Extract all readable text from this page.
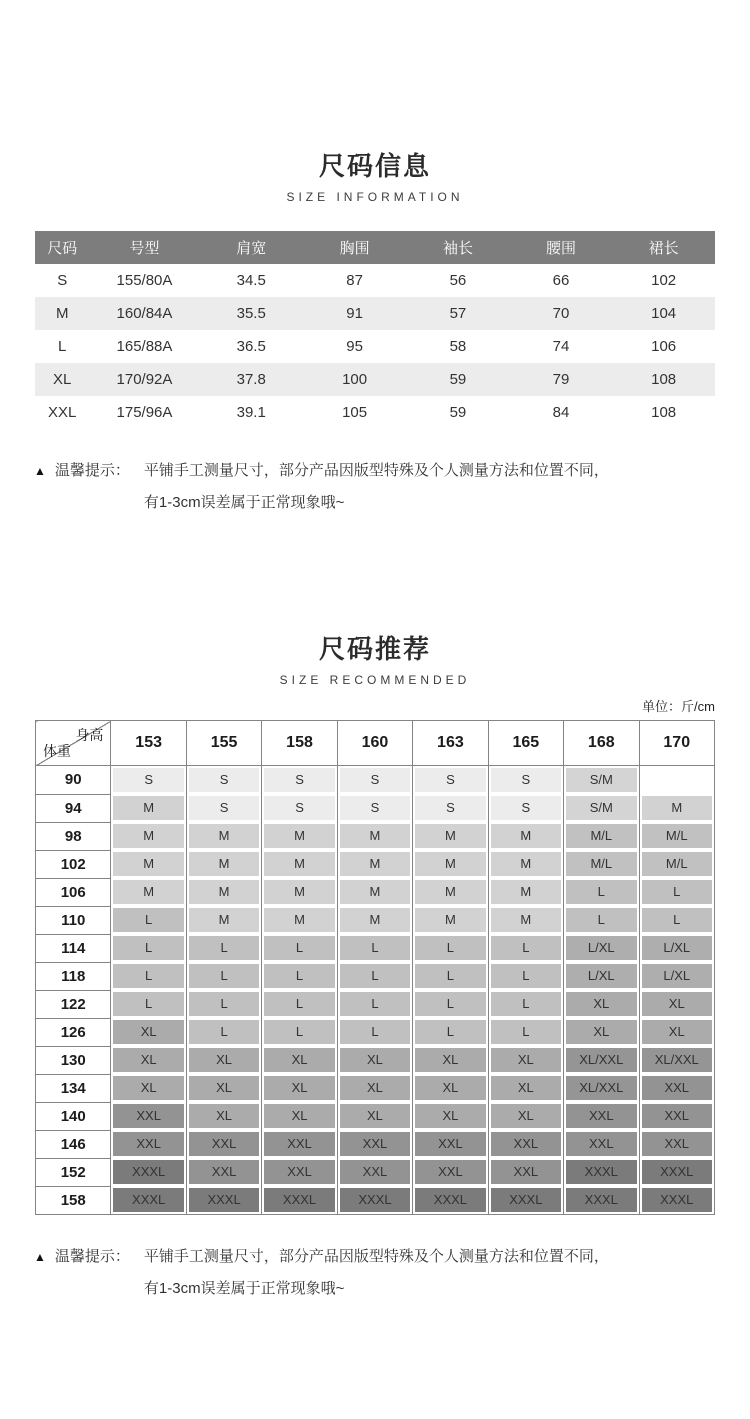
尺码信息
SIZE INFORMATION
尺码	号型	肩宽	胸围	袖长	腰围	裙长
S	155/80A	34.5	87	56	66	102
M	160/84A	35.5	91	57	70	104
L	165/88A	36.5	95	58	74	106
XL	170/92A	37.8	100	59	79	108
XXL	175/96A	39.1	105	59	84	108
▲ 温馨提示： 平铺手工测量尺寸，部分产品因版型特殊及个人测量方法和位置不同，
有1-3cm误差属于正常现象哦~
尺码推荐
SIZE RECOMMENDED
单位：斤/cm
身高
体重	153	155	158	160	163	165	168	170
90	S	S	S	S	S	S	S/M	

94	M	S	S	S	S	S	S/M	M

98	M	M	M	M	M	M	M/L	M/L

102	M	M	M	M	M	M	M/L	M/L

106	M	M	M	M	M	M	L	L

110	L	M	M	M	M	M	L	L

114	L	L	L	L	L	L	L/XL	L/XL

118	L	L	L	L	L	L	L/XL	L/XL

122	L	L	L	L	L	L	XL	XL

126	XL	L	L	L	L	L	XL	XL

130	XL	XL	XL	XL	XL	XL	XL/XXL	XL/XXL

134	XL	XL	XL	XL	XL	XL	XL/XXL	XXL

140	XXL	XL	XL	XL	XL	XL	XXL	XXL

146	XXL	XXL	XXL	XXL	XXL	XXL	XXL	XXL

152	XXXL	XXL	XXL	XXL	XXL	XXL	XXXL	XXXL

158	XXXL	XXXL	XXXL	XXXL	XXXL	XXXL	XXXL	XXXL
▲ 温馨提示： 平铺手工测量尺寸，部分产品因版型特殊及个人测量方法和位置不同，
有1-3cm误差属于正常现象哦~
